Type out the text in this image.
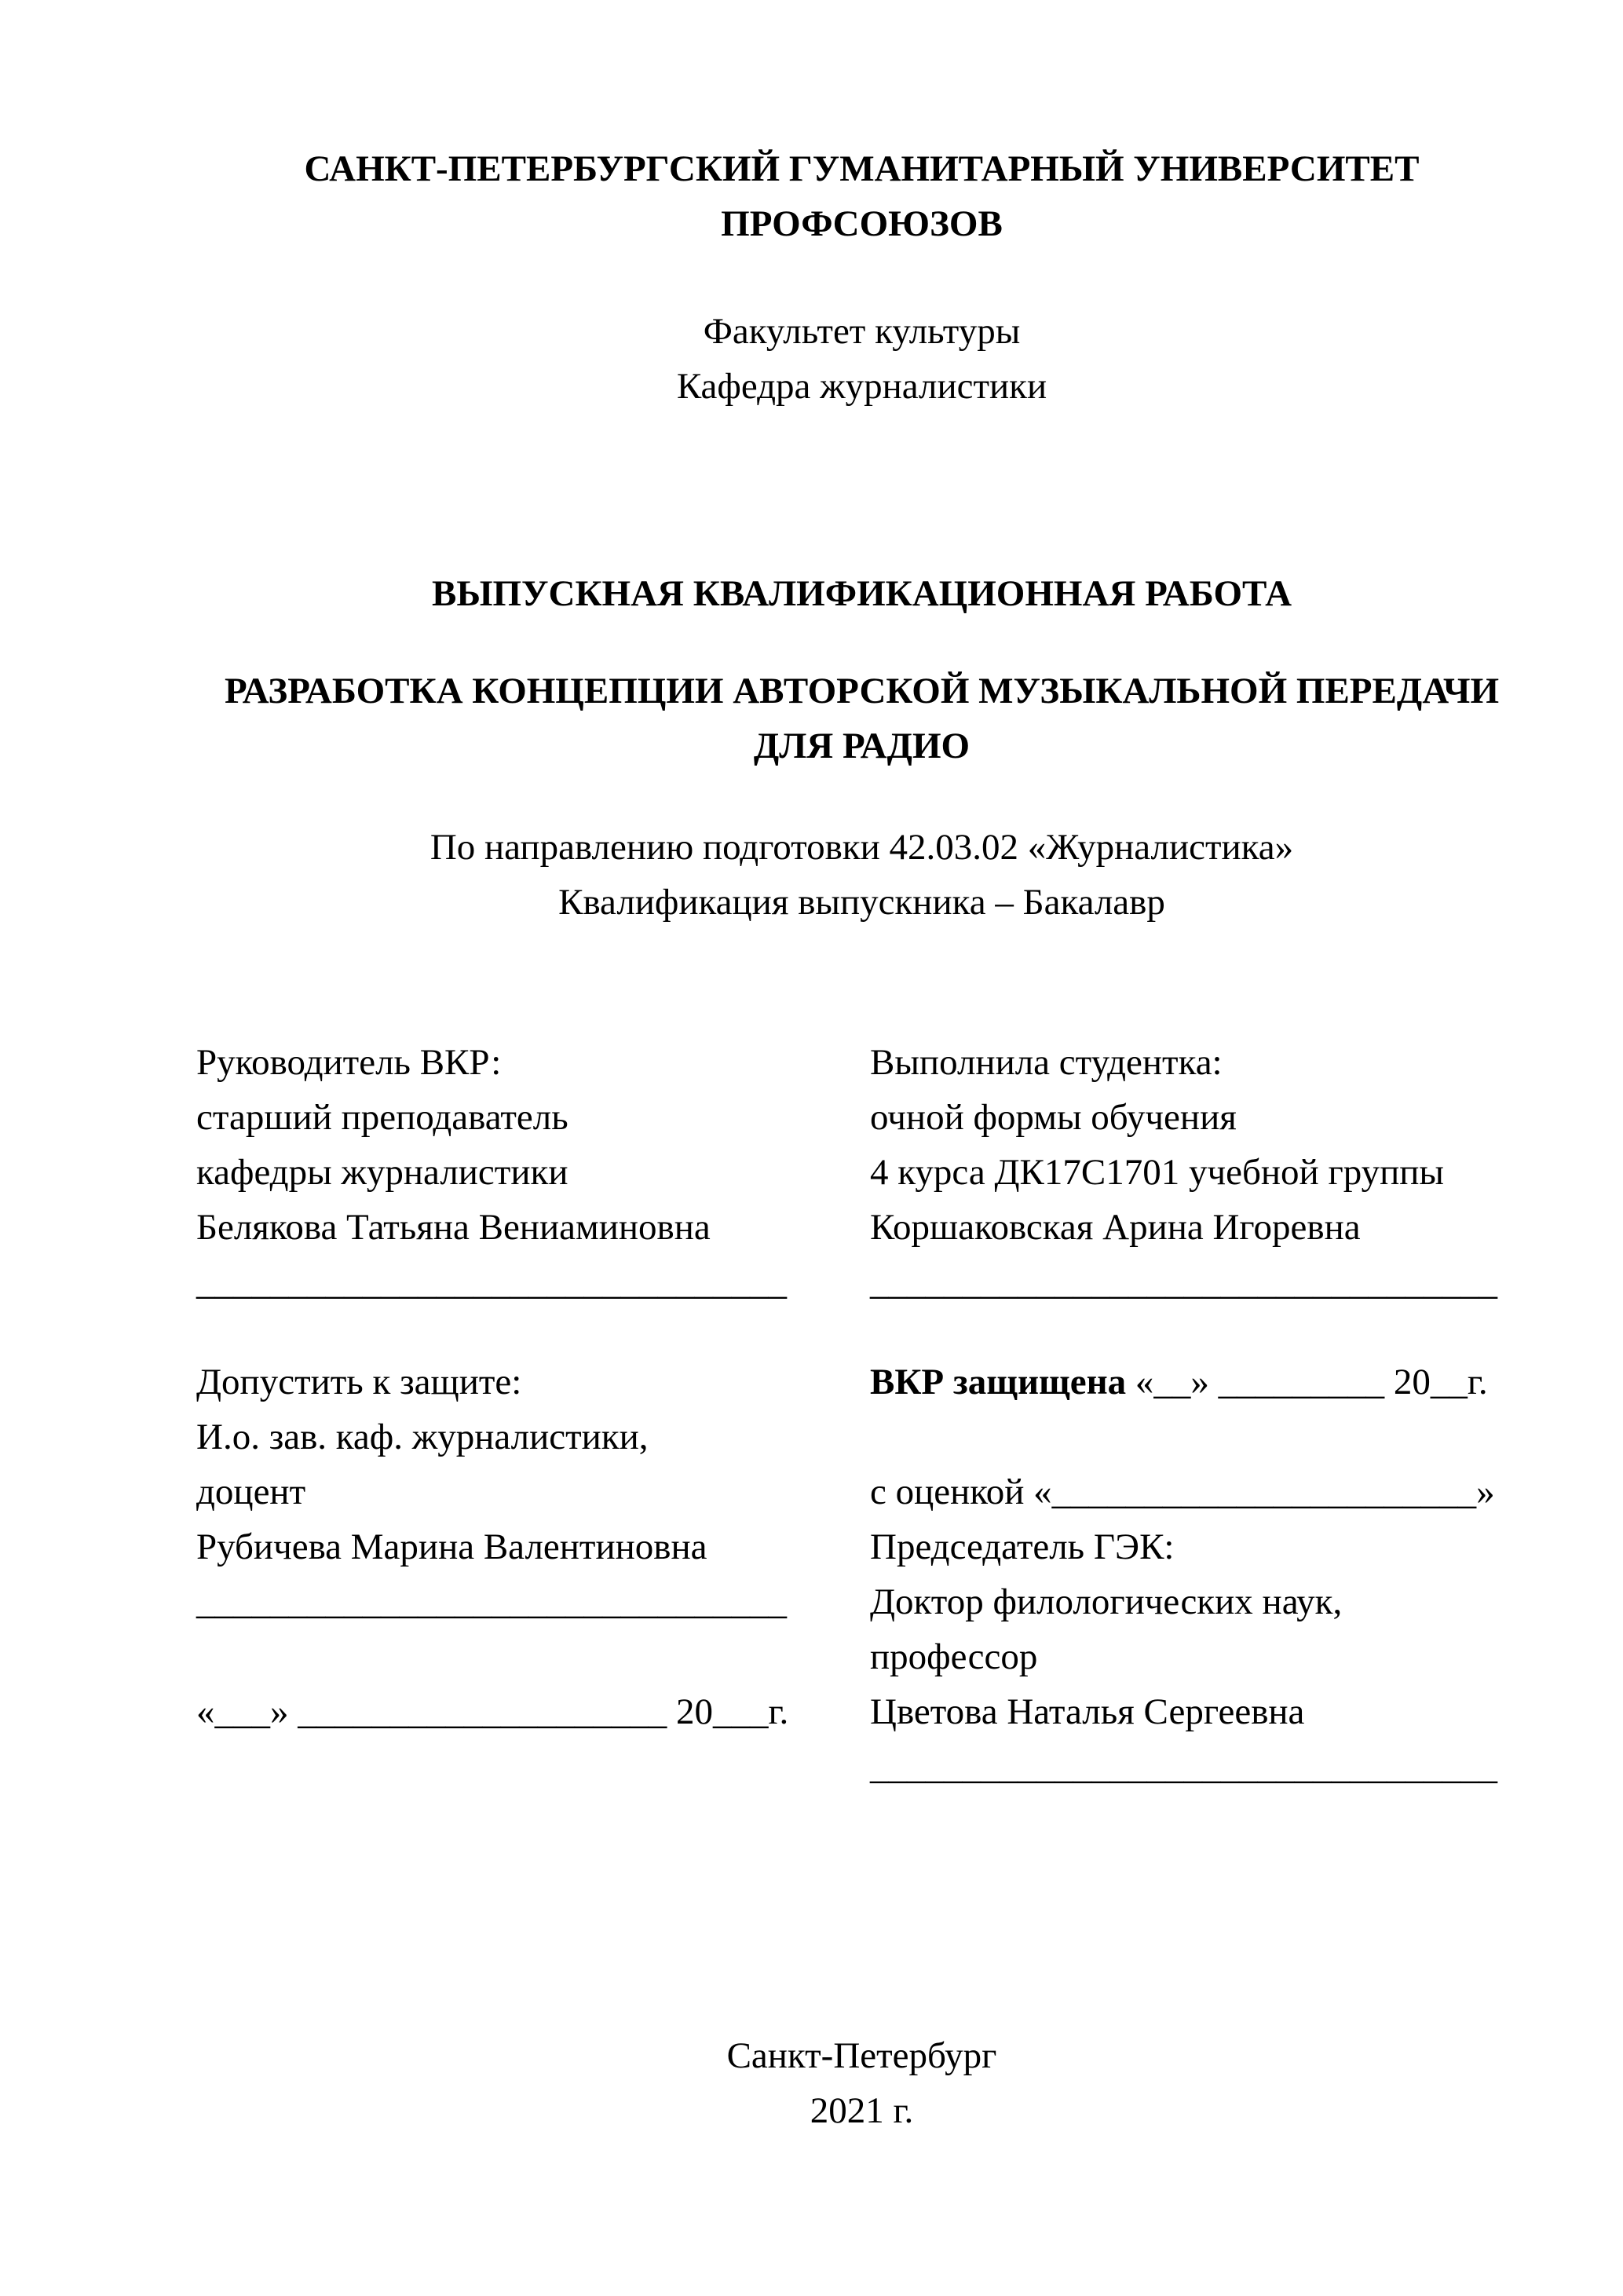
САНКТ-ПЕТЕРБУРГСКИЙ ГУМАНИТАРНЫЙ УНИВЕРСИТЕТ
ПРОФСОЮЗОВ
Факультет культуры
Кафедра журналистики
ВЫПУСКНАЯ КВАЛИФИКАЦИОННАЯ РАБОТА
РАЗРАБОТКА КОНЦЕПЦИИ АВТОРСКОЙ МУЗЫКАЛЬНОЙ ПЕРЕДАЧИ
ДЛЯ РАДИО
По направлению подготовки 42.03.02 «Журналистика»
Квалификация выпускника – Бакалавр
Руководитель ВКР:
старший преподаватель
кафедры журналистики
Белякова Татьяна Вениаминовна
________________________________
Выполнила студентка:
очной формы обучения
4 курса ДК17С1701 учебной группы
Коршаковская Арина Игоревна
__________________________________
Допустить к защите:
И.о. зав. каф. журналистики,
доцент
Рубичева Марина Валентиновна
________________________________
«___» ____________________ 20___г.
ВКР защищена «__» _________ 20__г.
с оценкой «_______________________»
Председатель ГЭК:
Доктор филологических наук,
профессор
Цветова Наталья Сергеевна
__________________________________
Санкт-Петербург
2021 г.
